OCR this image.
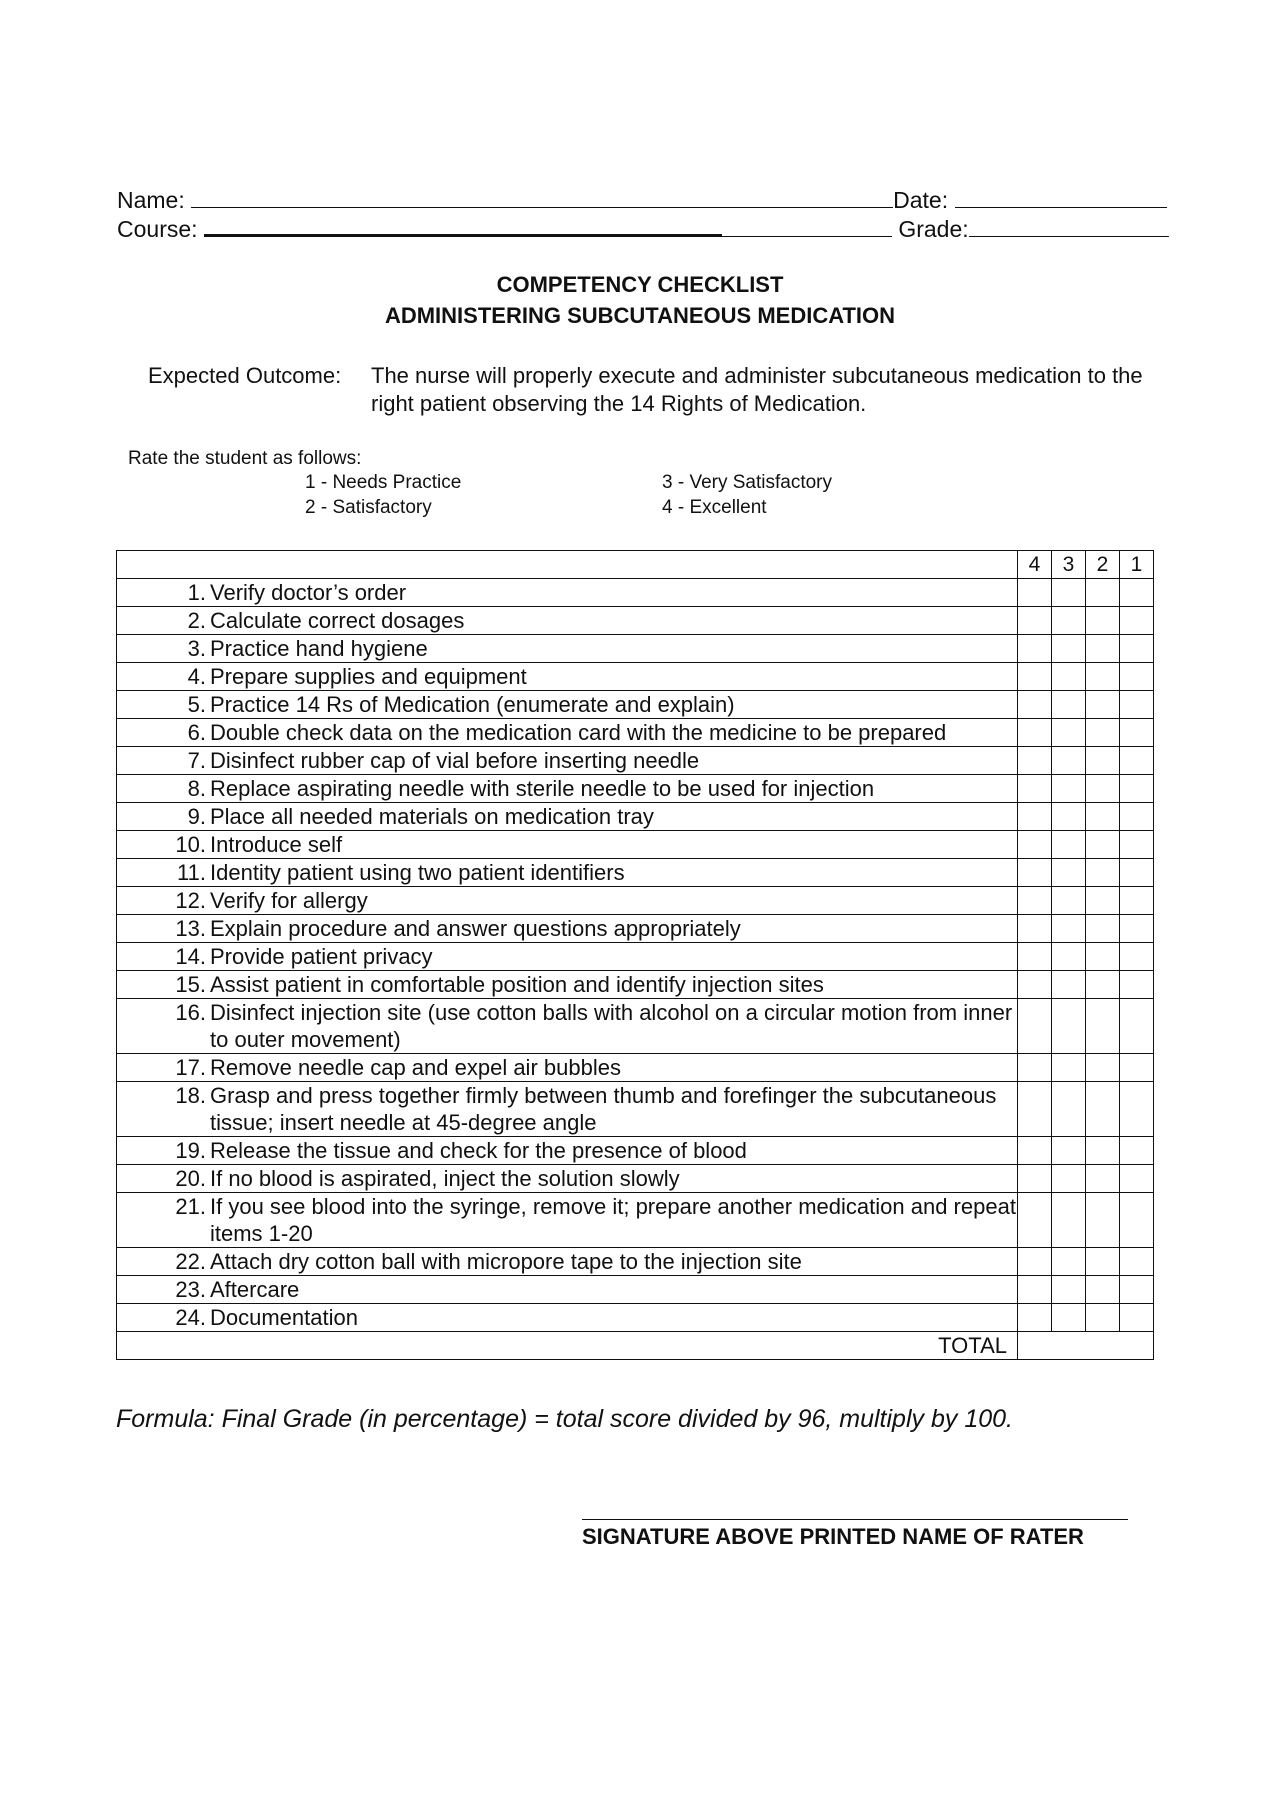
Name:	Date:
Course:	Grade:
COMPETENCY CHECKLIST
ADMINISTERING SUBCUTANEOUS MEDICATION
Expected Outcome: The nurse will properly execute and administer subcutaneous medication to the right patient observing the 14 Rights of Medication.
Rate the student as follows:
1 - Needs Practice
2 - Satisfactory
3 - Very Satisfactory
4 - Excellent
	4	3	2	1

1. Verify doctor’s order				

2. Calculate correct dosages				

3. Practice hand hygiene				

4. Prepare supplies and equipment				

5. Practice 14 Rs of Medication (enumerate and explain)				

6. Double check data on the medication card with the medicine to be prepared				

7. Disinfect rubber cap of vial before inserting needle				

8. Replace aspirating needle with sterile needle to be used for injection				

9. Place all needed materials on medication tray				

10. Introduce self				

11. Identity patient using two patient identifiers				

12. Verify for allergy				

13. Explain procedure and answer questions appropriately				

14. Provide patient privacy				

15. Assist patient in comfortable position and identify injection sites				

16. Disinfect injection site (use cotton balls with alcohol on a circular motion from inner to outer movement)				

17. Remove needle cap and expel air bubbles				

18. Grasp and press together firmly between thumb and forefinger the subcutaneous tissue; insert needle at 45-degree angle				

19. Release the tissue and check for the presence of blood				

20. If no blood is aspirated, inject the solution slowly				

21. If you see blood into the syringe, remove it; prepare another medication and repeat items 1-20				

22. Attach dry cotton ball with micropore tape to the injection site				

23. Aftercare				

24. Documentation				

TOTAL				
Formula: Final Grade (in percentage) = total score divided by 96, multiply by 100.
SIGNATURE ABOVE PRINTED NAME OF RATER
